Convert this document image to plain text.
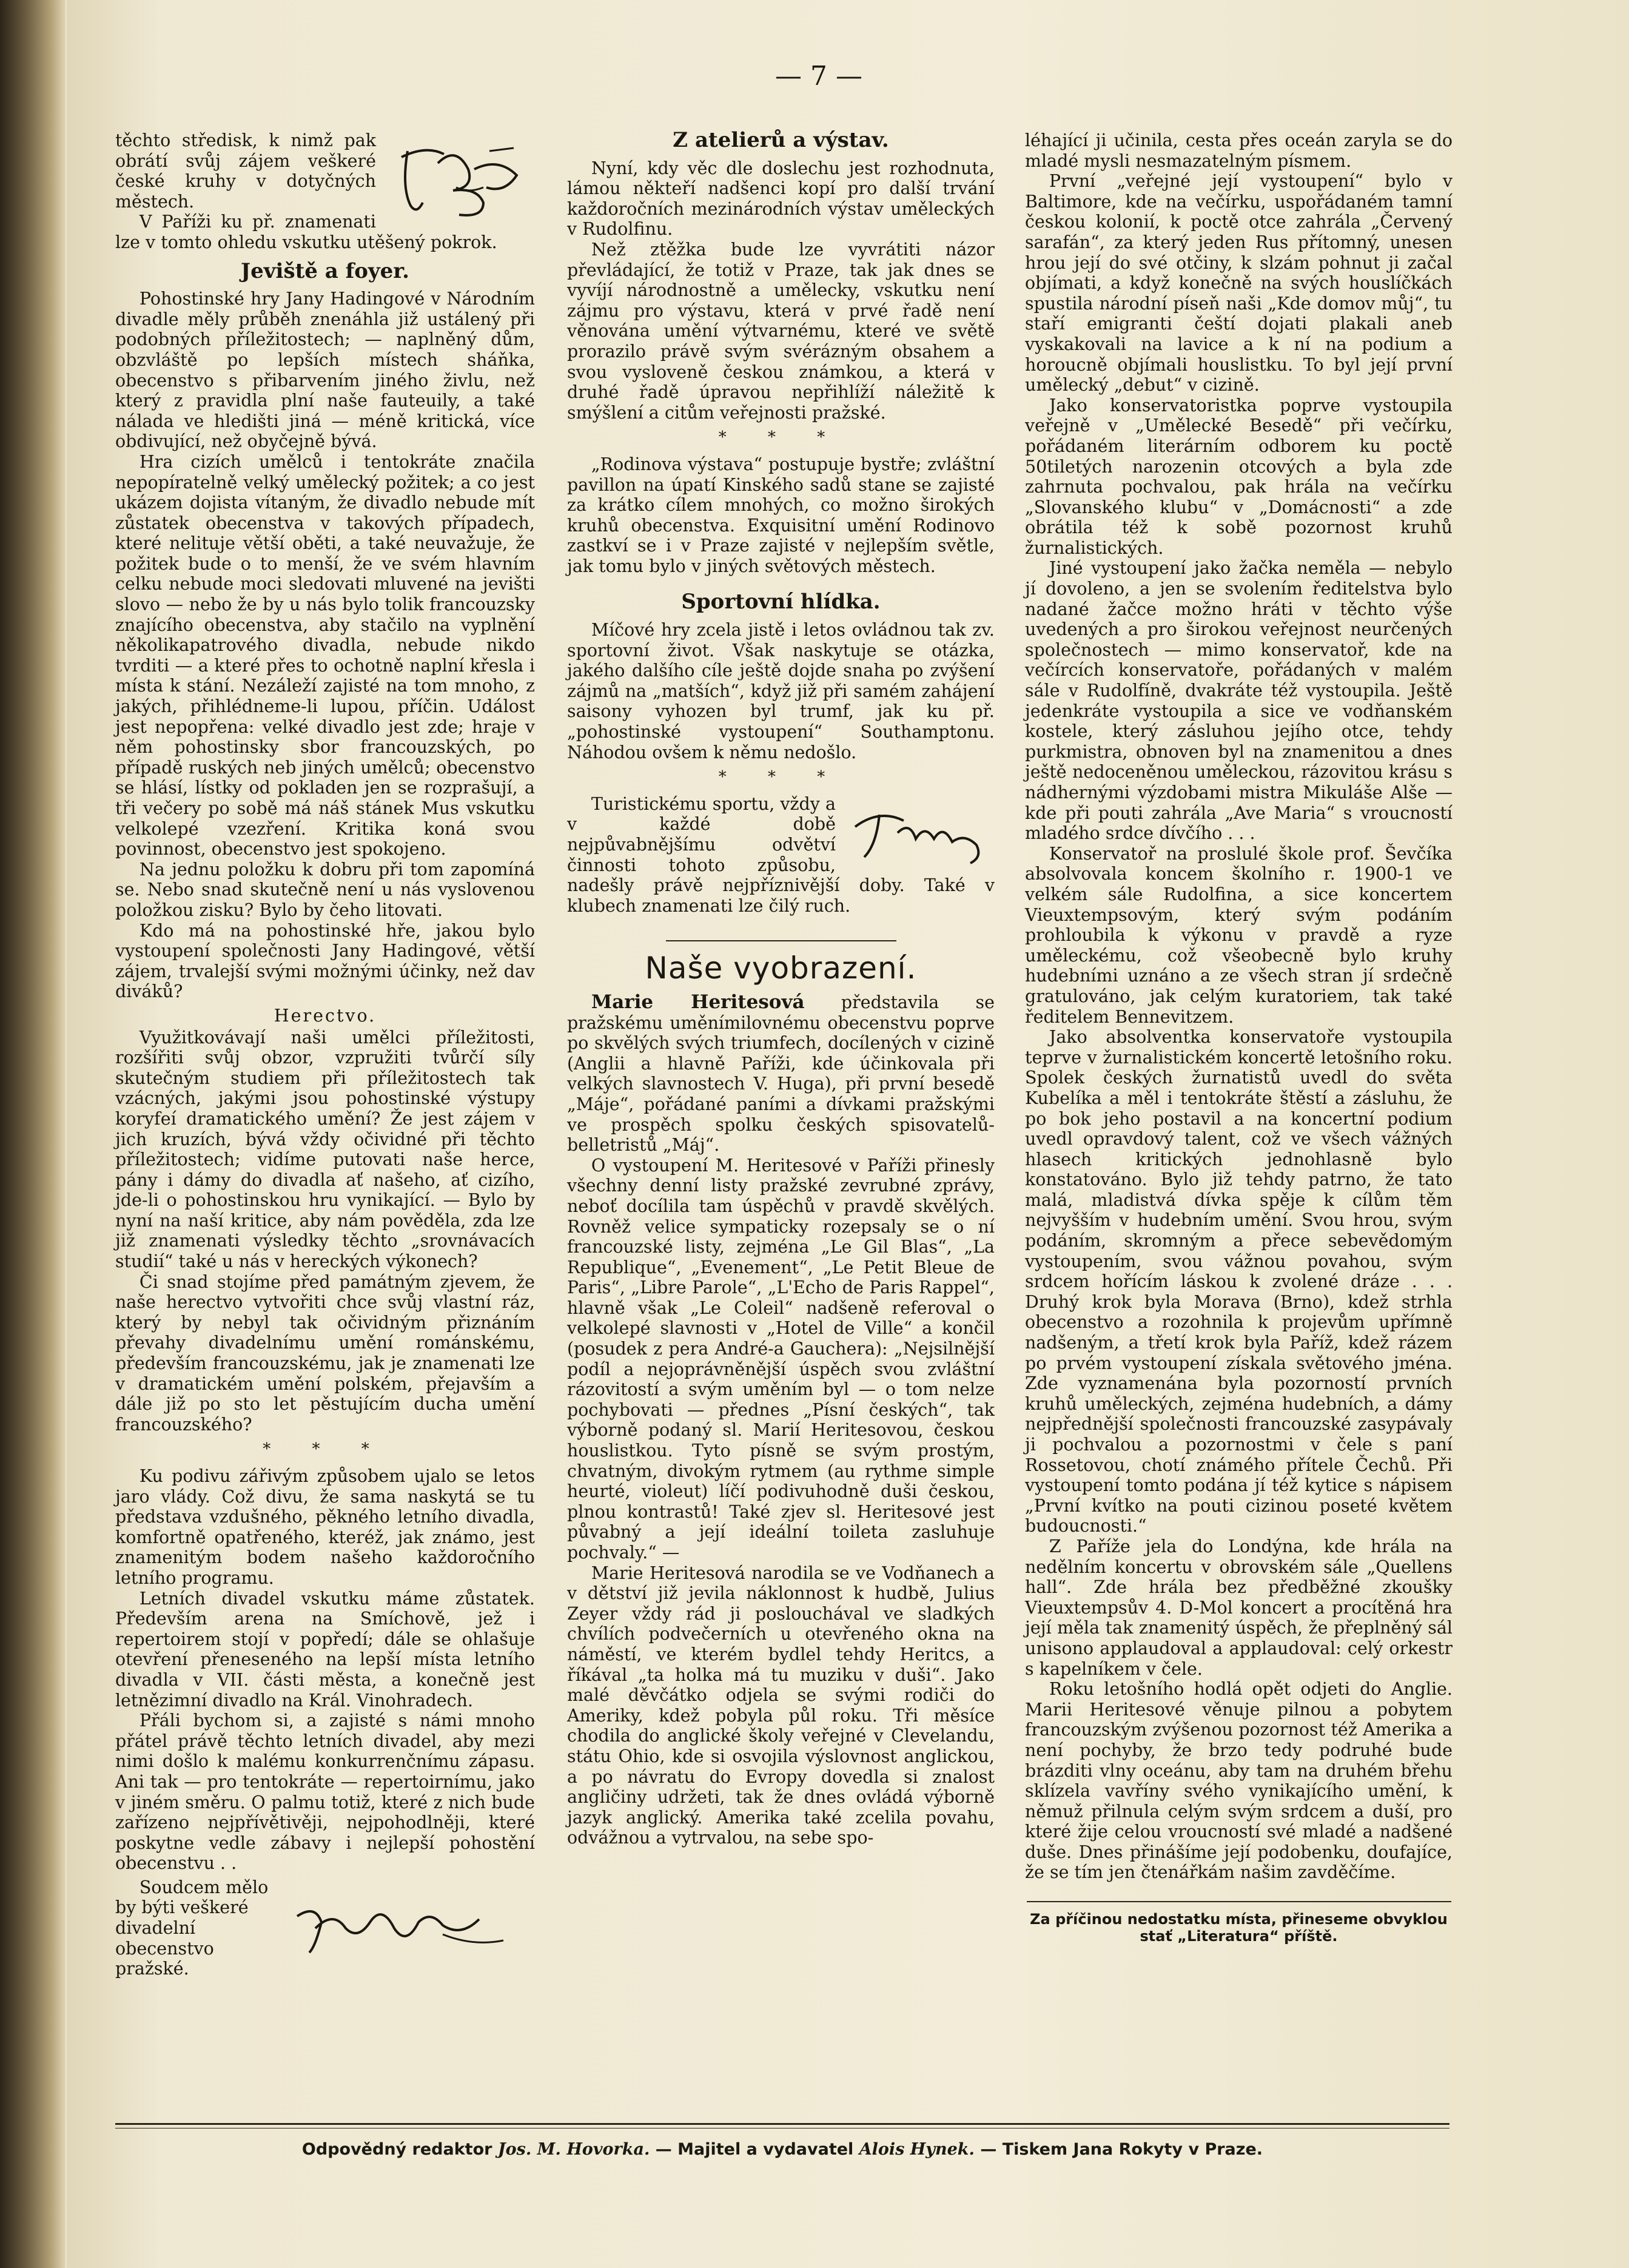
— 7 —

těchto středisk, k nimž pak obrátí svůj zájem veškeré české kruhy v dotyčných městech.

V Paříži ku př. znamenati lze v tomto ohledu vskutku utěšený pokrok.

Jeviště a foyer.

Pohostinské hry Jany Hadingové v Národním divadle měly průběh znenáhla již ustálený při podobných příležitostech; — naplněný dům, obzvláště po lepších místech sháňka, obecenstvo s přibarvením jiného živlu, než který z pravidla plní naše fauteuily, a také nálada ve hledišti jiná — méně kritická, více obdivující, než obyčejně bývá.

Hra cizích umělců i tentokráte značila nepopíratelně velký umělecký požitek; a co jest ukázem dojista vítaným, že divadlo nebude mít zůstatek obecenstva v takových případech, které nelituje větší oběti, a také neuvažuje, že požitek bude o to menší, že ve svém hlavním celku nebude moci sledovati mluvené na jevišti slovo — nebo že by u nás bylo tolik francouzsky znajícího obecenstva, aby stačilo na vyplnění několikapatrového divadla, nebude nikdo tvrditi — a které přes to ochotně naplní křesla i místa k stání. Nezáleží zajisté na tom mnoho, z jakých, přihlédneme-li lupou, příčin. Událost jest nepopřena: velké divadlo jest zde; hraje v něm pohostinsky sbor francouzských, po případě ruských neb jiných umělců; obecenstvo se hlásí, lístky od pokladen jen se rozprašují, a tři večery po sobě má náš stánek Mus vskutku velkolepé vzezření. Kritika koná svou povinnost, obecenstvo jest spokojeno.

Na jednu položku k dobru při tom zapomíná se. Nebo snad skutečně není u nás vyslovenou položkou zisku? Bylo by čeho litovati.

Kdo má na pohostinské hře, jakou bylo vystoupení společnosti Jany Hadingové, větší zájem, trvalejší svými možnými účinky, než dav diváků?

Herectvo.

Využitkovávají naši umělci příležitosti, rozšířiti svůj obzor, vzpružiti tvůrčí síly skutečným studiem při příležitostech tak vzácných, jakými jsou pohostinské výstupy koryfeí dramatického umění? Že jest zájem v jich kruzích, bývá vždy očividné při těchto příležitostech; vidíme putovati naše herce, pány i dámy do divadla ať našeho, ať cizího, jde-li o pohostinskou hru vynikající. — Bylo by nyní na naší kritice, aby nám pověděla, zda lze již znamenati výsledky těchto „srovnávacích studií“ také u nás v hereckých výkonech?

Či snad stojíme před památným zjevem, že naše herectvo vytvořiti chce svůj vlastní ráz, který by nebyl tak očividným přiznáním převahy divadelnímu umění románskému, především francouzskému, jak je znamenati lze v dramatickém umění polském, přejavším a dále již po sto let pěstujícím ducha umění francouzského?

* * *

Ku podivu zářivým způsobem ujalo se letos jaro vlády. Což divu, že sama naskytá se tu představa vzdušného, pěkného letního divadla, komfortně opatřeného, kteréž, jak známo, jest znamenitým bodem našeho každoročního letního programu.

Letních divadel vskutku máme zůstatek. Především arena na Smíchově, jež i repertoirem stojí v popředí; dále se ohlašuje otevření přeneseného na lepší místa letního divadla v VII. části města, a konečně jest letnězimní divadlo na Král. Vinohradech.

Přáli bychom si, a zajisté s námi mnoho přátel právě těchto letních divadel, aby mezi nimi došlo k malému konkurrenčnímu zápasu. Ani tak — pro tentokráte — repertoirnímu, jako v jiném směru. O palmu totiž, které z nich bude zařízeno nejpřívětivěji, nejpohodlněji, které poskytne vedle zábavy i nejlepší pohostění obecenstvu . .

Soudcem mělo by býti veškeré divadelní obecenstvo pražské.

Z atelierů a výstav.

Nyní, kdy věc dle doslechu jest rozhodnuta, lámou někteří nadšenci kopí pro další trvání každoročních mezinárodních výstav uměleckých v Rudolfinu.

Než ztěžka bude lze vyvrátiti názor převládající, že totiž v Praze, tak jak dnes se vyvíjí národnostně a umělecky, vskutku není zájmu pro výstavu, která v prvé řadě není věnována umění výtvarnému, které ve světě prorazilo právě svým svérázným obsahem a svou vysloveně českou známkou, a která v druhé řadě úpravou nepřihlíží náležitě k smýšlení a citům veřejnosti pražské.

* * *

„Rodinova výstava“ postupuje bystře; zvláštní pavillon na úpatí Kinského sadů stane se zajisté za krátko cílem mnohých, co možno širokých kruhů obecenstva. Exquisitní umění Rodinovo zastkví se i v Praze zajisté v nejlepším světle, jak tomu bylo v jiných světových městech.

Sportovní hlídka.

Míčové hry zcela jistě i letos ovládnou tak zv. sportovní život. Však naskytuje se otázka, jakého dalšího cíle ještě dojde snaha po zvýšení zájmů na „matších“, když již při samém zahájení saisony vyhozen byl trumf, jak ku př. „pohostinské vystoupení“ Southamptonu. Náhodou ovšem k němu nedošlo.

* * *

Turistickému sportu, vždy a v každé době nejpůvabnějšímu odvětví činnosti tohoto způsobu, nadešly právě nejpříznivější doby. Také v klubech znamenati lze čilý ruch.

Naše vyobrazení.

Marie Heritesová představila se pražskému uměnímilovnému obecenstvu poprve po skvělých svých triumfech, docílených v cizině (Anglii a hlavně Paříži, kde účinkovala při velkých slavnostech V. Huga), při první besedě „Máje“, pořádané paními a dívkami pražskými ve prospěch spolku českých spisovatelů-belletristů „Máj“.

O vystoupení M. Heritesové v Paříži přinesly všechny denní listy pražské zevrubné zprávy, neboť docílila tam úspěchů v pravdě skvělých. Rovněž velice sympaticky rozepsaly se o ní francouzské listy, zejména „Le Gil Blas“, „La Republique“, „Evenement“, „Le Petit Bleue de Paris“, „Libre Parole“, „L'Echo de Paris Rappel“, hlavně však „Le Coleil“ nadšeně referoval o velkolepé slavnosti v „Hotel de Ville“ a končil (posudek z pera André-a Gauchera): „Nejsilnější podíl a nejoprávněnější úspěch svou zvláštní rázovitostí a svým uměním byl — o tom nelze pochybovati — přednes „Písní českých“, tak výborně podaný sl. Marií Heritesovou, českou houslistkou. Tyto písně se svým prostým, chvatným, divokým rytmem (au rythme simple heurté, violeut) líčí podivuhodně duši českou, plnou kontrastů! Také zjev sl. Heritesové jest půvabný a její ideální toileta zasluhuje pochvaly.“ —

Marie Heritesová narodila se ve Vodňanech a v dětství již jevila náklonnost k hudbě, Julius Zeyer vždy rád ji poslouchával ve sladkých chvílích podvečerních u otevřeného okna na náměstí, ve kterém bydlel tehdy Heritcs, a říkával „ta holka má tu muziku v duši“. Jako malé děvčátko odjela se svými rodiči do Ameriky, kdež pobyla půl roku. Tři měsíce chodila do anglické školy veřejné v Clevelandu, státu Ohio, kde si osvojila výslovnost anglickou, a po návratu do Evropy dovedla si znalost angličiny udržeti, tak že dnes ovládá výborně jazyk anglický. Amerika také zcelila povahu, odvážnou a vytrvalou, na sebe spo-

léhající ji učinila, cesta přes oceán zaryla se do mladé mysli nesmazatelným písmem.

První „veřejné její vystoupení“ bylo v Baltimore, kde na večírku, uspořádaném tamní českou kolonií, k poctě otce zahrála „Červený sarafán“, za který jeden Rus přítomný, unesen hrou její do své otčiny, k slzám pohnut ji začal objímati, a když konečně na svých houslíčkách spustila národní píseň naši „Kde domov můj“, tu staří emigranti čeští dojati plakali aneb vyskakovali na lavice a k ní na podium a horoucně objímali houslistku. To byl její první umělecký „debut“ v cizině.

Jako konservatoristka poprve vystoupila veřejně v „Umělecké Besedě“ při večírku, pořádaném literárním odborem ku poctě 50tiletých narozenin otcových a byla zde zahrnuta pochvalou, pak hrála na večírku „Slovanského klubu“ v „Domácnosti“ a zde obrátila též k sobě pozornost kruhů žurnalistických.

Jiné vystoupení jako žačka neměla — nebylo jí dovoleno, a jen se svolením ředitelstva bylo nadané žačce možno hráti v těchto výše uvedených a pro širokou veřejnost neurčených společnostech — mimo konservatoř, kde na večírcích konservatoře, pořádaných v malém sále v Rudolfíně, dvakráte též vystoupila. Ještě jedenkráte vystoupila a sice ve vodňanském kostele, který zásluhou jejího otce, tehdy purkmistra, obnoven byl na znamenitou a dnes ještě nedoceněnou uměleckou, rázovitou krásu s nádhernými výzdobami mistra Mikuláše Alše — kde při pouti zahrála „Ave Maria“ s vroucností mladého srdce dívčího . . .

Konservatoř na proslulé škole prof. Ševčíka absolvovala koncem školního r. 1900-1 ve velkém sále Rudolfina, a sice koncertem Vieuxtempsovým, který svým podáním prohloubila k výkonu v pravdě a ryze uměleckému, což všeobecně bylo kruhy hudebními uznáno a ze všech stran jí srdečně gratulováno, jak celým kuratoriem, tak také ředitelem Bennevitzem.

Jako absolventka konservatoře vystoupila teprve v žurnalistickém koncertě letošního roku. Spolek českých žurnatistů uvedl do světa Kubelíka a měl i tentokráte štěstí a zásluhu, že po bok jeho postavil a na koncertní podium uvedl opravdový talent, což ve všech vážných hlasech kritických jednohlasně bylo konstatováno. Bylo již tehdy patrno, že tato malá, mladistvá dívka spěje k cílům těm nejvyšším v hudebním umění. Svou hrou, svým podáním, skromným a přece sebevědomým vystoupením, svou vážnou povahou, svým srdcem hořícím láskou k zvolené dráze . . . Druhý krok byla Morava (Brno), kdež strhla obecenstvo a rozohnila k projevům upřímně nadšeným, a třetí krok byla Paříž, kdež rázem po prvém vystoupení získala světového jména. Zde vyznamenána byla pozorností prvních kruhů uměleckých, zejména hudebních, a dámy nejpřednější společnosti francouzské zasypávaly ji pochvalou a pozornostmi v čele s paní Rossetovou, chotí známého přítele Čechů. Při vystoupení tomto podána jí též kytice s nápisem „První kvítko na pouti cizinou poseté květem budoucnosti.“

Z Paříže jela do Londýna, kde hrála na nedělním koncertu v obrovském sále „Quellens hall“. Zde hrála bez předběžné zkoušky Vieuxtempsův 4. D-Mol koncert a procítěná hra její měla tak znamenitý úspěch, že přeplněný sál unisono applaudoval a applaudoval: celý orkestr s kapelníkem v čele.

Roku letošního hodlá opět odjeti do Anglie. Marii Heritesové věnuje pilnou a pobytem francouzským zvýšenou pozornost též Amerika a není pochyby, že brzo tedy podruhé bude brázditi vlny oceánu, aby tam na druhém břehu sklízela vavříny svého vynikajícího umění, k němuž přilnula celým svým srdcem a duší, pro které žije celou vroucností své mladé a nadšené duše. Dnes přinášíme její podobenku, doufajíce, že se tím jen čtenářkám našim zavděčíme.

Za příčinou nedostatku místa, přineseme obvyklou stať „Literatura“ příště.
Odpovědný redaktor Jos. M. Hovorka. — Majitel a vydavatel Alois Hynek. — Tiskem Jana Rokyty v Praze.
